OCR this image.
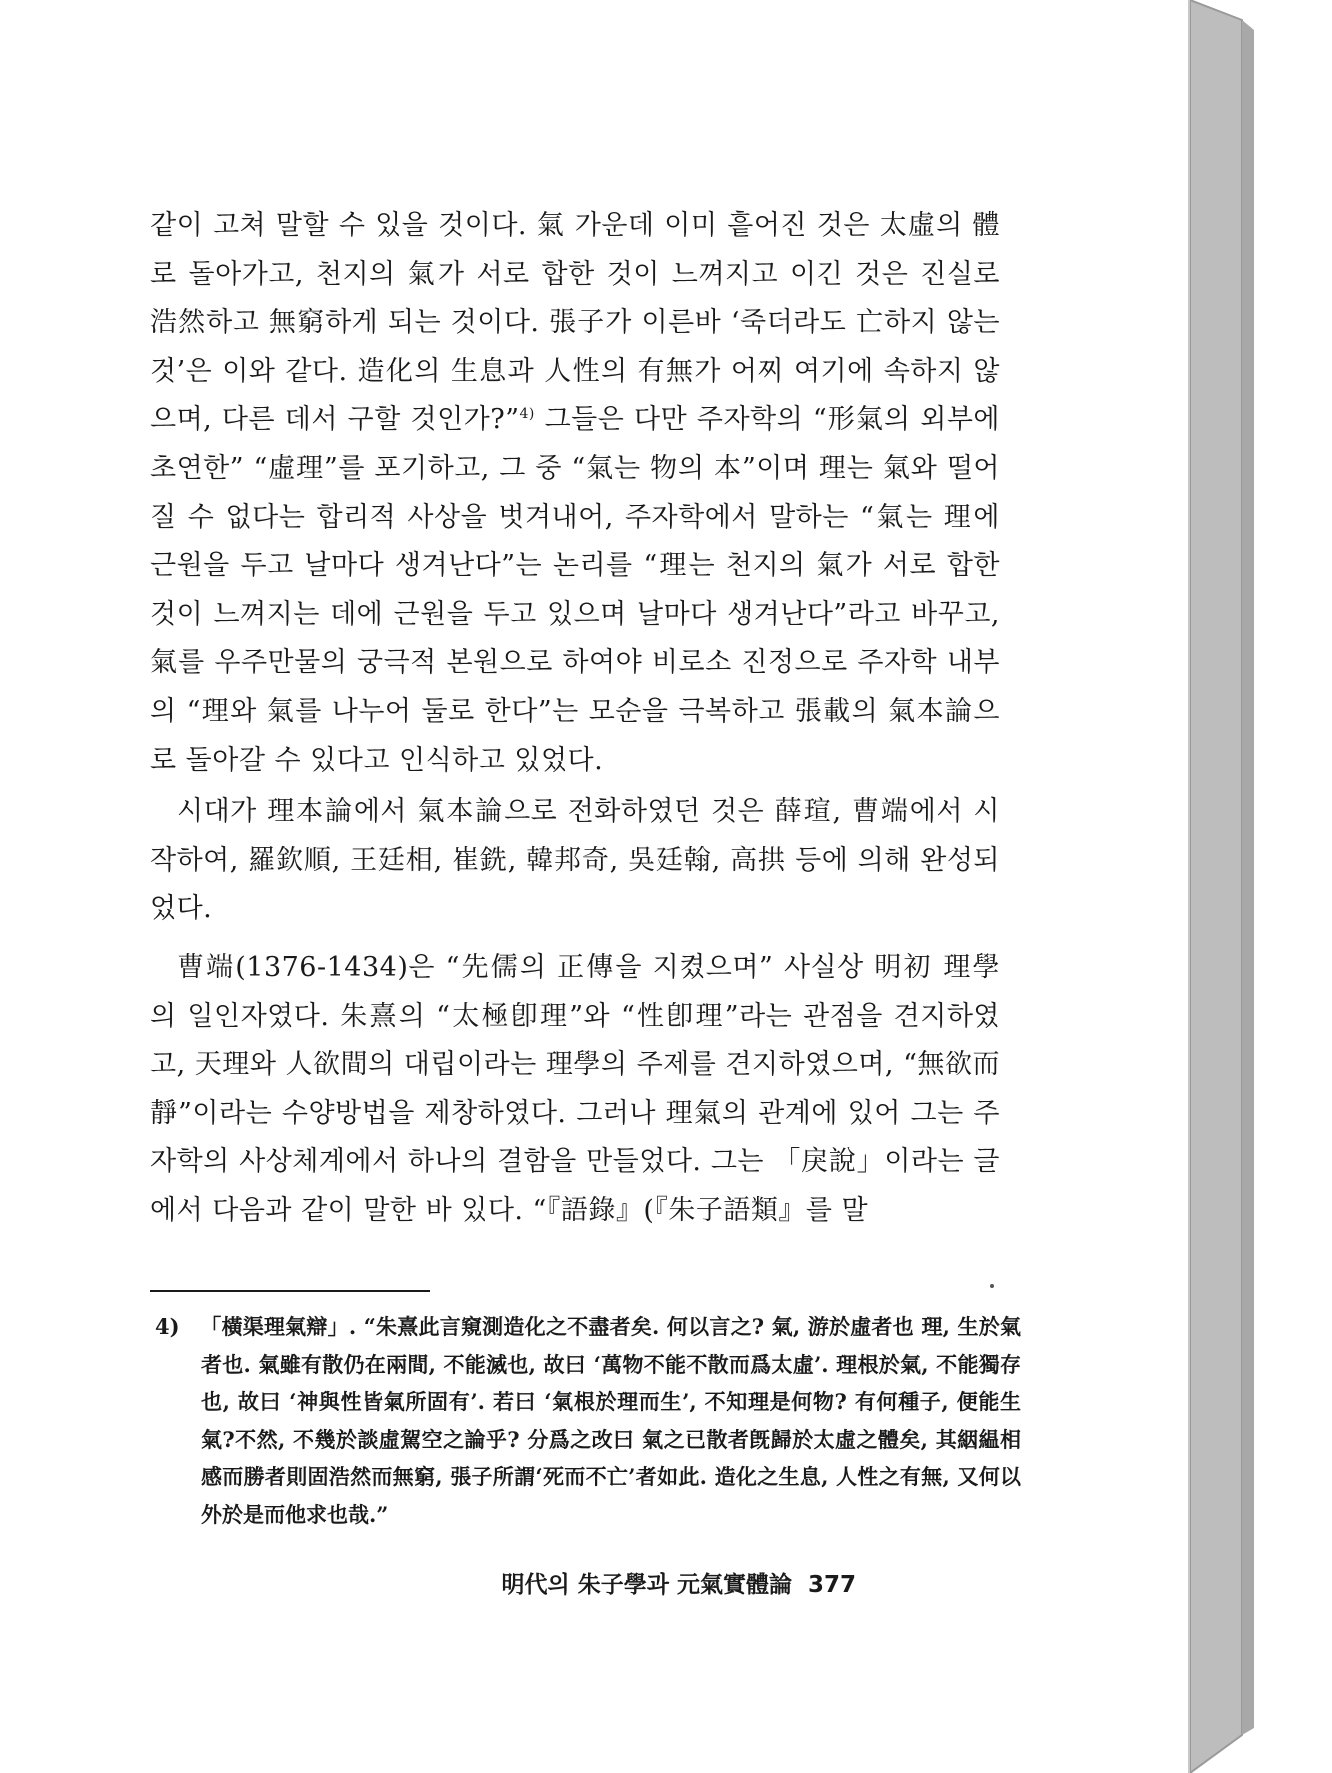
같이 고쳐 말할 수 있을 것이다. 氣 가운데 이미 흩어진 것은 太虛의 體로 돌아가고, 천지의 氣가 서로 합한 것이 느껴지고 이긴 것은 진실로 浩然하고 無窮하게 되는 것이다. 張子가 이른바 ‘죽더라도 亡하지 않는 것’은 이와 같다. 造化의 生息과 人性의 有無가 어찌 여기에 속하지 않으며, 다른 데서 구할 것인가?”$^{4)}$ 그들은 다만 주자학의 “形氣의 외부에 초연한” “虛理”를 포기하고, 그 중 “氣는 物의 本”이며 理는 氣와 떨어질 수 없다는 합리적 사상을 벗겨내어, 주자학에서 말하는 “氣는 理에 근원을 두고 날마다 생겨난다”는 논리를 “理는 천지의 氣가 서로 합한 것이 느껴지는 데에 근원을 두고 있으며 날마다 생겨난다”라고 바꾸고, 氣를 우주만물의 궁극적 본원으로 하여야 비로소 진정으로 주자학 내부의 “理와 氣를 나누어 둘로 한다”는 모순을 극복하고 張載의 氣本論으로 돌아갈 수 있다고 인식하고 있었다.

시대가 理本論에서 氣本論으로 전화하였던 것은 薛瑄, 曹端에서 시작하여, 羅欽順, 王廷相, 崔銑, 韓邦奇, 吳廷翰, 高拱 등에 의해 완성되었다.

曹端(1376-1434)은 “先儒의 正傳을 지켰으며” 사실상 明初 理學의 일인자였다. 朱熹의 “太極卽理”와 “性卽理”라는 관점을 견지하였고, 天理와 人欲間의 대립이라는 理學의 주제를 견지하였으며, “無欲而靜”이라는 수양방법을 제창하였다. 그러나 理氣의 관계에 있어 그는 주자학의 사상체계에서 하나의 결함을 만들었다. 그는 「戾說」이라는 글에서 다음과 같이 말한 바 있다. “『語錄』(『朱子語類』를 말

4) 「橫渠理氣辯」. “朱熹此言窺測造化之不盡者矣. 何以言之? 氣, 游於虛者也 理, 生於氣者也. 氣雖有散仍在兩間, 不能滅也, 故曰 ‘萬物不能不散而爲太虛’. 理根於氣, 不能獨存也, 故曰 ‘神與性皆氣所固有’. 若曰 ‘氣根於理而生’, 不知理是何物? 有何種子, 便能生氣?不然, 不幾於談虛駕空之論乎? 分爲之改曰 氣之已散者旣歸於太虛之體矣, 其絪緼相感而勝者則固浩然而無窮, 張子所謂‘死而不亡’者如此. 造化之生息, 人性之有無, 又何以外於是而他求也哉.”
明代의 朱子學과 元氣實體論 377
